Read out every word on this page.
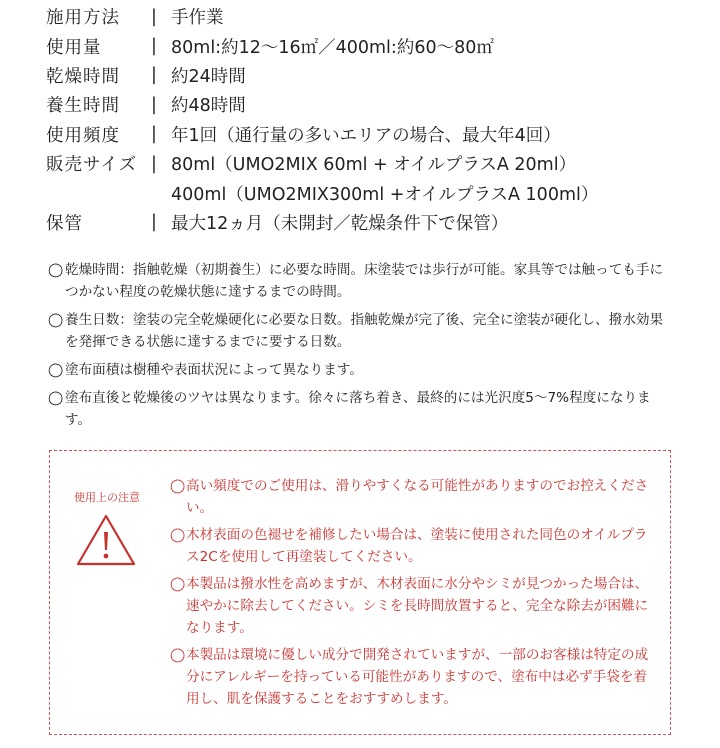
施用方法	| 手作業
使用量	| 80ml:約12～16㎡／400ml:約60～80㎡
乾燥時間	| 約24時間
養生時間	| 約48時間
使用頻度	| 年1回（通行量の多いエリアの場合、最大年4回）
販売サイズ | 80ml（UMO2MIX 60ml + オイルプラスA 20ml）
400ml（UMO2MIX300ml +オイルプラスA 100ml）
保管	| 最大12ヵ月（未開封／乾燥条件下で保管）
◯ 乾燥時間：指触乾燥（初期養生）に必要な時間。床塗装では歩行が可能。家具等では触っても手につかない程度の乾燥状態に達するまでの時間。
◯ 養生日数：塗装の完全乾燥硬化に必要な日数。指触乾燥が完了後、完全に塗装が硬化し、撥水効果を発揮できる状態に達するまでに要する日数。
◯ 塗布面積は樹種や表面状況によって異なります。
◯ 塗布直後と乾燥後のツヤは異なります。徐々に落ち着き、最終的には光沢度5～7%程度になります。
使用上の注意
◯ 高い頻度でのご使用は、滑りやすくなる可能性がありますのでお控えください。
◯ 木材表面の色褪せを補修したい場合は、塗装に使用された同色のオイルプラス2Cを使用して再塗装してください。
◯ 本製品は撥水性を高めますが、木材表面に水分やシミが見つかった場合は、速やかに除去してください。シミを長時間放置すると、完全な除去が困難になります。
◯ 本製品は環境に優しい成分で開発されていますが、一部のお客様は特定の成分にアレルギーを持っている可能性がありますので、塗布中は必ず手袋を着用し、肌を保護することをおすすめします。
